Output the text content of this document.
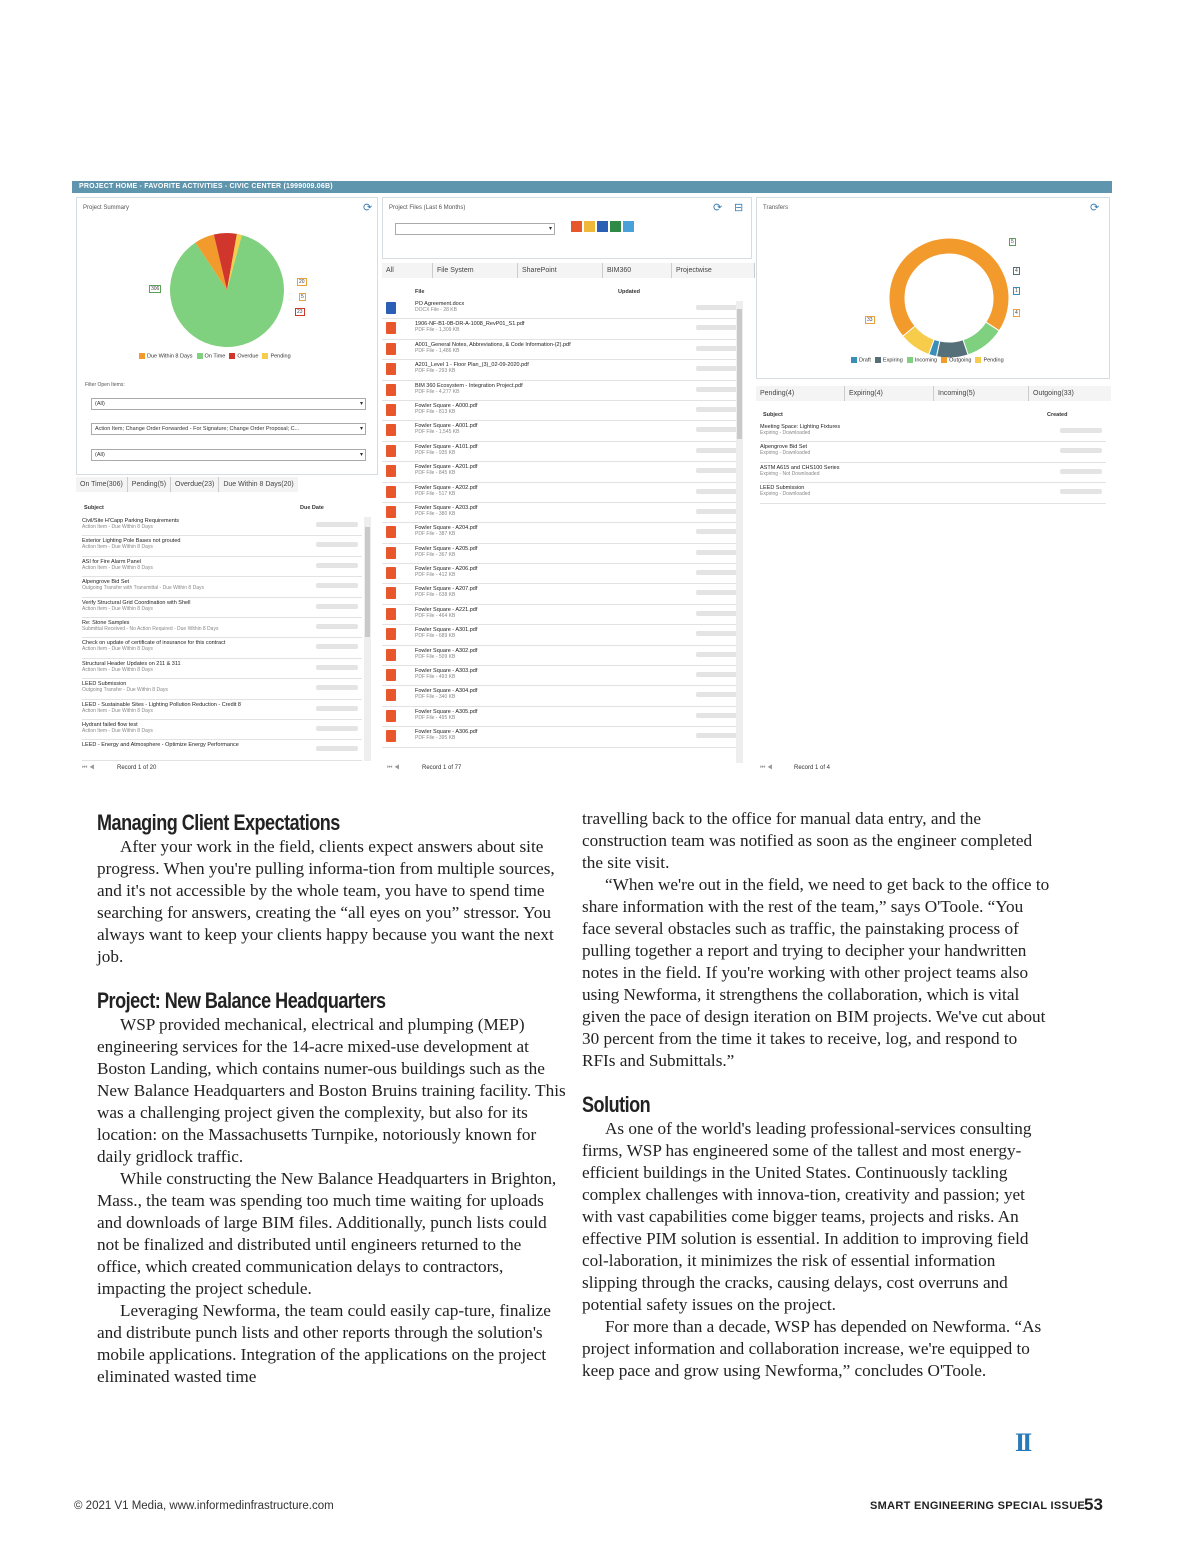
PROJECT HOME - FAVORITE ACTIVITIES - CIVIC CENTER (1999009.06B)
Project Summary	⟳
306
20
5
23
Due Within 8 Days	On Time	Overdue	Pending
Filter Open Items:
(All) ▾
Action Item; Change Order Forwarded - For Signature; Change Order Proposal; C... ▾
(All) ▾
On Time(306)	Pending(5)	Overdue(23)	Due Within 8 Days(20)
Subject	Due Date
Civil/Site H'Capp Parking Requirements
Action Item - Due Within 8 Days
Exterior Lighting Pole Bases not grouted
Action Item - Due Within 8 Days
ASI for Fire Alarm Panel
Action Item - Due Within 8 Days
Alpengrove Bid Set
Outgoing Transfer with Transmittal - Due Within 8 Days
Verify Structural Grid Coordination with Shell
Action Item - Due Within 8 Days
Re: Stone Samples
Submittal Received - No Action Required - Due Within 8 Days
Check on update of certificate of insurance for this contract
Action Item - Due Within 8 Days
Structural Header Updates on 211 & 311
Action Item - Due Within 8 Days
LEED Submission
Outgoing Transfer - Due Within 8 Days
LEED - Sustainable Sites - Lighting Pollution Reduction - Credit 8
Action Item - Due Within 8 Days
Hydrant failed flow test
Action Item - Due Within 8 Days
LEED - Energy and Atmosphere - Optimize Energy Performance
Record 1 of 20
⏮ ◀
Project Files (Last 6 Months)	⟳ ⊟
▾
All	File System	SharePoint	BIM360	Projectwise
File	Updated
PO Agreement.docx
DOCX File - 28 KB
1906-NF-B1-0B-DR-A-1008_RevP01_S1.pdf
PDF File - 1,309 KB
A001_General Notes, Abbreviations, & Code Information-(2).pdf
PDF File - 1,486 KB
A201_Level 1 - Floor Plan_(3)_02-09-2020.pdf
PDF File - 293 KB
BIM 360 Ecosystem - Integration Project.pdf
PDF File - 4,277 KB
Fowler Square - A000.pdf
PDF File - 813 KB
Fowler Square - A001.pdf
PDF File - 1,545 KB
Fowler Square - A101.pdf
PDF File - 935 KB
Fowler Square - A201.pdf
PDF File - 845 KB
Fowler Square - A202.pdf
PDF File - 517 KB
Fowler Square - A203.pdf
PDF File - 380 KB
Fowler Square - A204.pdf
PDF File - 387 KB
Fowler Square - A205.pdf
PDF File - 367 KB
Fowler Square - A206.pdf
PDF File - 412 KB
Fowler Square - A207.pdf
PDF File - 638 KB
Fowler Square - A221.pdf
PDF File - 464 KB
Fowler Square - A301.pdf
PDF File - 689 KB
Fowler Square - A302.pdf
PDF File - 509 KB
Fowler Square - A303.pdf
PDF File - 493 KB
Fowler Square - A304.pdf
PDF File - 340 KB
Fowler Square - A305.pdf
PDF File - 495 KB
Fowler Square - A306.pdf
PDF File - 395 KB
Record 1 of 77
⏮ ◀
Transfers	⟳
5
4
1
4
33
Draft	Expiring	Incoming	Outgoing	Pending
Pending(4)	Expiring(4)	Incoming(5)	Outgoing(33)
Subject	Created
Meeting Space: Lighting Fixtures
Expiring - Downloaded
Alpengrove Bid Set
Expiring - Downloaded
ASTM A615 and CHS100 Series
Expiring - Not Downloaded
LEED Submission
Expiring - Downloaded
Record 1 of 4
⏮ ◀
Managing Client Expectations

After your work in the field, clients expect answers about site progress. When you're pulling informa-tion from multiple sources, and it's not accessible by the whole team, you have to spend time searching for answers, creating the “all eyes on you” stressor. You always want to keep your clients happy because you want the next job.

Project: New Balance Headquarters

WSP provided mechanical, electrical and plumping (MEP) engineering services for the 14-acre mixed-use development at Boston Landing, which contains numer-ous buildings such as the New Balance Headquarters and Boston Bruins training facility. This was a challenging project given the complexity, but also for its location: on the Massachusetts Turnpike, notoriously known for daily gridlock traffic.

While constructing the New Balance Headquarters in Brighton, Mass., the team was spending too much time waiting for uploads and downloads of large BIM files. Additionally, punch lists could not be finalized and distributed until engineers returned to the office, which created communication delays to contractors, impacting the project schedule.

Leveraging Newforma, the team could easily cap-ture, finalize and distribute punch lists and other reports through the solution's mobile applications. Integration of the applications on the project eliminated wasted time

travelling back to the office for manual data entry, and the construction team was notified as soon as the engineer completed the site visit.

“When we're out in the field, we need to get back to the office to share information with the rest of the team,” says O'Toole. “You face several obstacles such as traffic, the painstaking process of pulling together a report and trying to decipher your handwritten notes in the field. If you're working with other project teams also using Newforma, it strengthens the collaboration, which is vital given the pace of design iteration on BIM projects. We've cut about 30 percent from the time it takes to receive, log, and respond to RFIs and Submittals.”

Solution

As one of the world's leading professional-services consulting firms, WSP has engineered some of the tallest and most energy-efficient buildings in the United States. Continuously tackling complex challenges with innova-tion, creativity and passion; yet with vast capabilities come bigger teams, projects and risks. An effective PIM solution is essential. In addition to improving field col-laboration, it minimizes the risk of essential information slipping through the cracks, causing delays, cost overruns and potential safety issues on the project.

For more than a decade, WSP has depended on Newforma. “As project information and collaboration increase, we're equipped to keep pace and grow using Newforma,” concludes O'Toole.

II
© 2021 V1 Media, www.informedinfrastructure.com	SMART ENGINEERING SPECIAL ISSUE
53
